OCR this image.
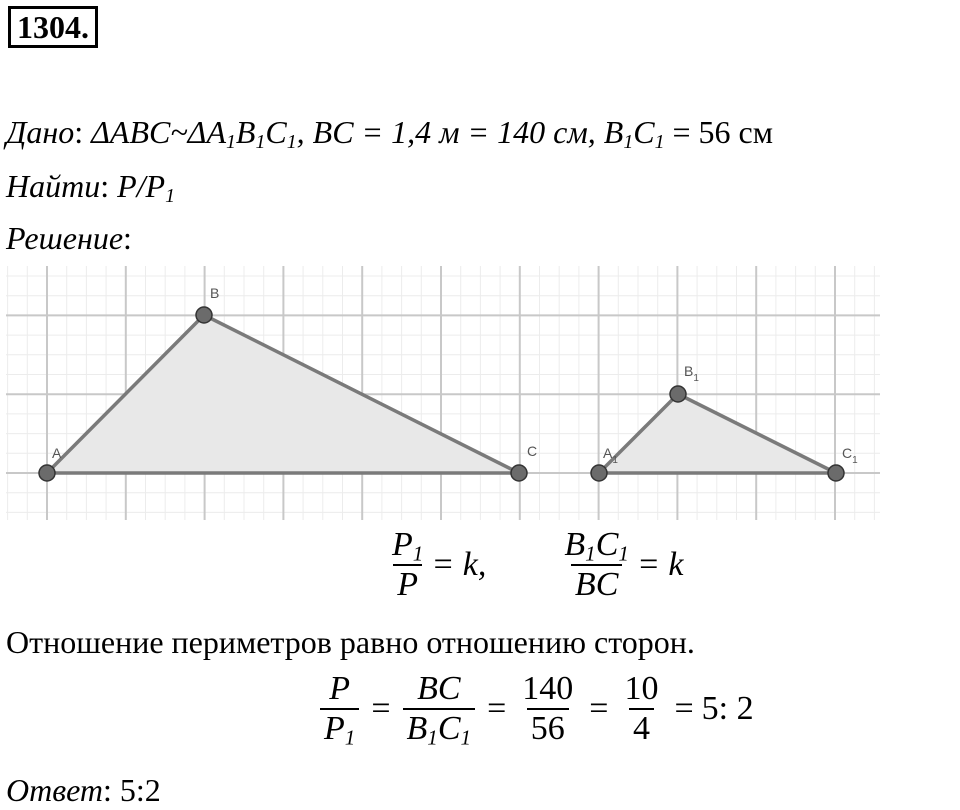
1304.
Дано: $\Delta ABC\sim\Delta A_1B_1C_1$, BC = 1,4 м = 140 см, $B_1C_1 = 56$ см
Найти: $P/P_1$
Решение:
A
B
C	$A_1$
$B_1$
$C_1$
$\frac{P_1}{P} = k$, $\frac{B_1C_1}{BC} = k$
Отношение периметров равно отношению сторон.
$\frac{P}{P_1} = \frac{BC}{B_1C_1} = \frac{140}{56} = \frac{10}{4} = 5$: 2
Ответ: 5:2
